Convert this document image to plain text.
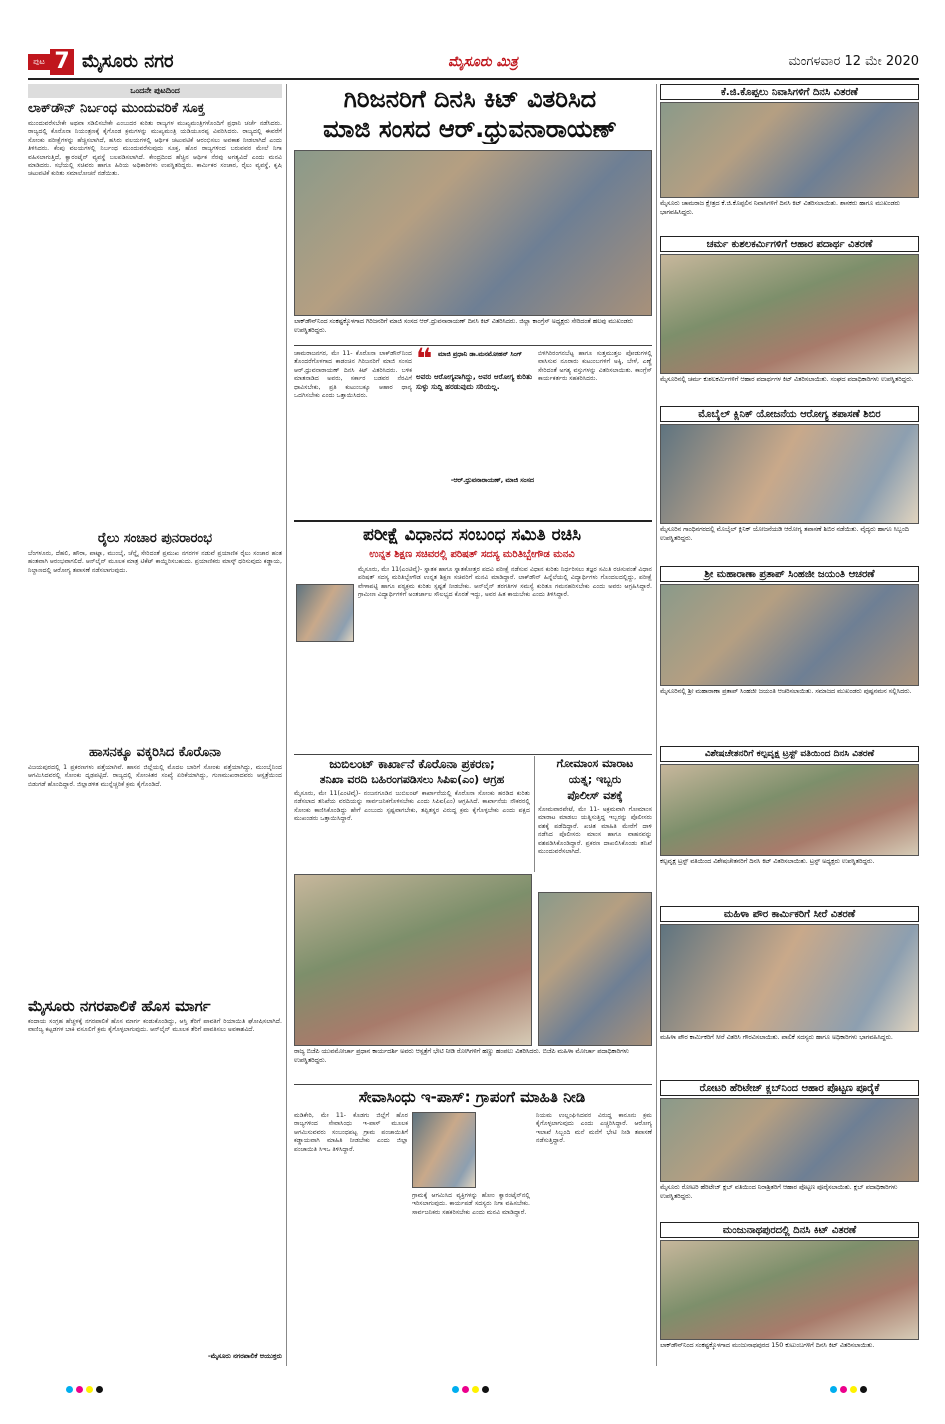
ಪುಟ 7 ಮೈಸೂರು ನಗರ	ಮೈಸೂರು ಮಿತ್ರ	ಮಂಗಳವಾರ 12 ಮೇ 2020
ಒಂದನೇ ಪುಟದಿಂದ
ಲಾಕ್‌ಡೌನ್ ನಿರ್ಬಂಧ ಮುಂದುವರಿಕೆ ಸೂಕ್ತ
ಮುಂದುವರೆಸಬೇಕೇ ಅಥವಾ ಸಡಿಲಿಸಬೇಕೇ ಎಂಬುದರ ಕುರಿತು ರಾಜ್ಯಗಳ ಮುಖ್ಯಮಂತ್ರಿಗಳೊಂದಿಗೆ ಪ್ರಧಾನಿ ಚರ್ಚೆ ನಡೆಸಿದರು. ರಾಜ್ಯದಲ್ಲಿ ಕೊರೊನಾ ನಿಯಂತ್ರಣಕ್ಕೆ ಕೈಗೊಂಡ ಕ್ರಮಗಳನ್ನು ಮುಖ್ಯಮಂತ್ರಿ ಯಡಿಯೂರಪ್ಪ ವಿವರಿಸಿದರು. ರಾಜ್ಯದಲ್ಲಿ ಈವರೆಗೆ ಸೋಂಕು ಪರೀಕ್ಷೆಗಳನ್ನು ಹೆಚ್ಚಿಸಲಾಗಿದೆ, ಹಸಿರು ವಲಯಗಳಲ್ಲಿ ಆರ್ಥಿಕ ಚಟುವಟಿಕೆ ಆರಂಭಿಸಲು ಅವಕಾಶ ನೀಡಲಾಗಿದೆ ಎಂದು ತಿಳಿಸಿದರು. ಕೆಂಪು ವಲಯಗಳಲ್ಲಿ ನಿರ್ಬಂಧ ಮುಂದುವರೆಸುವುದು ಸೂಕ್ತ, ಹೊರ ರಾಜ್ಯಗಳಿಂದ ಬರುವವರ ಮೇಲೆ ನಿಗಾ ವಹಿಸಲಾಗುತ್ತಿದೆ, ಕ್ವಾರಂಟೈನ್ ವ್ಯವಸ್ಥೆ ಬಲಪಡಿಸಲಾಗಿದೆ. ಕೇಂದ್ರದಿಂದ ಹೆಚ್ಚಿನ ಆರ್ಥಿಕ ನೆರವು ಅಗತ್ಯವಿದೆ ಎಂದು ಮನವಿ ಮಾಡಿದರು. ಸಭೆಯಲ್ಲಿ ಸಚಿವರು ಹಾಗೂ ಹಿರಿಯ ಅಧಿಕಾರಿಗಳು ಉಪಸ್ಥಿತರಿದ್ದರು. ಕಾರ್ಮಿಕರ ಸಂಚಾರ, ರೈಲು ವ್ಯವಸ್ಥೆ, ಕೃಷಿ ಚಟುವಟಿಕೆ ಕುರಿತು ಸಮಾಲೋಚನೆ ನಡೆಯಿತು.
ರೈಲು ಸಂಚಾರ ಪುನರಾರಂಭ
ಬೆಂಗಳೂರು, ದೆಹಲಿ, ಹೌರಾ, ಪಾಟ್ನಾ, ಮುಂಬೈ, ಚೆನ್ನೈ ಸೇರಿದಂತೆ ಪ್ರಮುಖ ನಗರಗಳ ನಡುವೆ ಪ್ರಯಾಣಿಕ ರೈಲು ಸಂಚಾರ ಹಂತ ಹಂತವಾಗಿ ಆರಂಭವಾಗಲಿದೆ. ಆನ್‌ಲೈನ್ ಮೂಲಕ ಮಾತ್ರ ಟಿಕೆಟ್ ಕಾಯ್ದಿರಿಸಬಹುದು. ಪ್ರಯಾಣಿಕರು ಮಾಸ್ಕ್ ಧರಿಸುವುದು ಕಡ್ಡಾಯ, ನಿಲ್ದಾಣದಲ್ಲಿ ಆರೋಗ್ಯ ತಪಾಸಣೆ ನಡೆಸಲಾಗುವುದು.
ಹಾಸನಕ್ಕೂ ವಕ್ಕರಿಸಿದ ಕೊರೊನಾ
ವಿಜಯಪುರದಲ್ಲಿ 1 ಪ್ರಕರಣಗಳು ಪತ್ತೆಯಾಗಿವೆ. ಹಾಸನ ಜಿಲ್ಲೆಯಲ್ಲಿ ಮೊದಲ ಬಾರಿಗೆ ಸೋಂಕು ಪತ್ತೆಯಾಗಿದ್ದು, ಮುಂಬೈನಿಂದ ಆಗಮಿಸಿದವರಲ್ಲಿ ಸೋಂಕು ದೃಢಪಟ್ಟಿದೆ. ರಾಜ್ಯದಲ್ಲಿ ಸೋಂಕಿತರ ಸಂಖ್ಯೆ ಏರಿಕೆಯಾಗಿದ್ದು, ಗುಣಮುಖರಾದವರು ಆಸ್ಪತ್ರೆಯಿಂದ ಬಿಡುಗಡೆ ಹೊಂದಿದ್ದಾರೆ. ಜಿಲ್ಲಾಡಳಿತ ಮುನ್ನೆಚ್ಚರಿಕೆ ಕ್ರಮ ಕೈಗೊಂಡಿದೆ.
ಮೈಸೂರು ನಗರಪಾಲಿಕೆ ಹೊಸ ಮಾರ್ಗ
ಕಂದಾಯ ಸಂಗ್ರಹ ಹೆಚ್ಚಳಕ್ಕೆ ನಗರಪಾಲಿಕೆ ಹೊಸ ಮಾರ್ಗ ಕಂಡುಕೊಂಡಿದ್ದು, ಆಸ್ತಿ ತೆರಿಗೆ ಪಾವತಿಗೆ ರಿಯಾಯಿತಿ ಘೋಷಿಸಲಾಗಿದೆ. ವಾಣಿಜ್ಯ ಕಟ್ಟಡಗಳ ಬಾಕಿ ವಸೂಲಿಗೆ ಕ್ರಮ ಕೈಗೊಳ್ಳಲಾಗುವುದು. ಆನ್‌ಲೈನ್ ಮೂಲಕ ತೆರಿಗೆ ಪಾವತಿಸಲು ಅವಕಾಶವಿದೆ.
-ಮೈಸೂರು ನಗರಪಾಲಿಕೆ ಆಯುಕ್ತರು
ಗಿರಿಜನರಿಗೆ ದಿನಸಿ ಕಿಟ್ ವಿತರಿಸಿದ
ಮಾಜಿ ಸಂಸದ ಆರ್.ಧ್ರುವನಾರಾಯಣ್
ಲಾಕ್‌ಡೌನ್‌ನಿಂದ ಸಂಕಷ್ಟಕ್ಕೊಳಗಾದ ಗಿರಿಜನರಿಗೆ ಮಾಜಿ ಸಂಸದ ಆರ್.ಧ್ರುವನಾರಾಯಣ್ ದಿನಸಿ ಕಿಟ್ ವಿತರಿಸಿದರು. ಜಿಲ್ಲಾ ಕಾಂಗ್ರೆಸ್ ಅಧ್ಯಕ್ಷರು ಸೇರಿದಂತೆ ಹಲವು ಮುಖಂಡರು ಉಪಸ್ಥಿತರಿದ್ದರು.
ಚಾಮರಾಜನಗರ, ಮೇ 11- ಕೊರೊನಾ ಲಾಕ್‌ಡೌನ್‌ನಿಂದ ತೊಂದರೆಗೊಳಗಾದ ಕಾಡಂಚಿನ ಗಿರಿಜನರಿಗೆ ಮಾಜಿ ಸಂಸದ ಆರ್.ಧ್ರುವನಾರಾಯಣ್ ದಿನಸಿ ಕಿಟ್ ವಿತರಿಸಿದರು. ಬಳಿಕ ಮಾತನಾಡಿದ ಅವರು, ಸರ್ಕಾರ ಬಡವರ ನೆರವಿಗೆ ಧಾವಿಸಬೇಕು, ಪ್ರತಿ ಕುಟುಂಬಕ್ಕೂ ಆಹಾರ ಧಾನ್ಯ ಒದಗಿಸಬೇಕು ಎಂದು ಒತ್ತಾಯಿಸಿದರು.
❝ ಮಾಜಿ ಪ್ರಧಾನಿ ಡಾ.ಮನಮೋಹನ್ ಸಿಂಗ್
ಅವರು ಆರೋಗ್ಯವಾಗಿದ್ದು, ಅವರ ಆರೋಗ್ಯ ಕುರಿತು ಸುಳ್ಳು ಸುದ್ದಿ ಹರಡುವುದು ಸರಿಯಲ್ಲ.
-ಆರ್.ಧ್ರುವನಾರಾಯಣ್, ಮಾಜಿ ಸಂಸದ
ಬಿಳಿಗಿರಿರಂಗನಬೆಟ್ಟ ಹಾಗೂ ಸುತ್ತಮುತ್ತಲ ಪೋಡುಗಳಲ್ಲಿ ವಾಸಿಸುವ ನೂರಾರು ಕುಟುಂಬಗಳಿಗೆ ಅಕ್ಕಿ, ಬೇಳೆ, ಎಣ್ಣೆ ಸೇರಿದಂತೆ ಅಗತ್ಯ ವಸ್ತುಗಳನ್ನು ವಿತರಿಸಲಾಯಿತು. ಕಾಂಗ್ರೆಸ್ ಕಾರ್ಯಕರ್ತರು ಸಹಕರಿಸಿದರು.
ಪರೀಕ್ಷೆ ವಿಧಾನದ ಸಂಬಂಧ ಸಮಿತಿ ರಚಿಸಿ
ಉನ್ನತ ಶಿಕ್ಷಣ ಸಚಿವರಲ್ಲಿ ಪರಿಷತ್ ಸದಸ್ಯ ಮರಿತಿಬ್ಬೇಗೌಡ ಮನವಿ
ಮೈಸೂರು, ಮೇ 11(ಎಂಟಿವೈ)- ಸ್ನಾತಕ ಹಾಗೂ ಸ್ನಾತಕೋತ್ತರ ಪದವಿ ಪರೀಕ್ಷೆ ನಡೆಸುವ ವಿಧಾನ ಕುರಿತು ನಿರ್ಧರಿಸಲು ತಜ್ಞರ ಸಮಿತಿ ರಚಿಸುವಂತೆ ವಿಧಾನ ಪರಿಷತ್ ಸದಸ್ಯ ಮರಿತಿಬ್ಬೇಗೌಡ ಉನ್ನತ ಶಿಕ್ಷಣ ಸಚಿವರಿಗೆ ಮನವಿ ಮಾಡಿದ್ದಾರೆ. ಲಾಕ್‌ಡೌನ್ ಹಿನ್ನೆಲೆಯಲ್ಲಿ ವಿದ್ಯಾರ್ಥಿಗಳು ಗೊಂದಲದಲ್ಲಿದ್ದು, ಪರೀಕ್ಷೆ ವೇಳಾಪಟ್ಟಿ ಹಾಗೂ ಪಠ್ಯಕ್ರಮ ಕುರಿತು ಸ್ಪಷ್ಟತೆ ನೀಡಬೇಕು. ಆನ್‌ಲೈನ್ ತರಗತಿಗಳ ಸಮಸ್ಯೆ ಕುರಿತೂ ಗಮನಹರಿಸಬೇಕು ಎಂದು ಅವರು ಆಗ್ರಹಿಸಿದ್ದಾರೆ. ಗ್ರಾಮೀಣ ವಿದ್ಯಾರ್ಥಿಗಳಿಗೆ ಅಂತರ್ಜಾಲ ಸೌಲಭ್ಯದ ಕೊರತೆ ಇದ್ದು, ಅವರ ಹಿತ ಕಾಯಬೇಕು ಎಂದು ತಿಳಿಸಿದ್ದಾರೆ.
ಜುಬಿಲಂಟ್ ಕಾರ್ಖಾನೆ ಕೊರೊನಾ ಪ್ರಕರಣ;
ತನಿಖಾ ವರದಿ ಬಹಿರಂಗಪಡಿಸಲು ಸಿಪಿಐ(ಎಂ) ಆಗ್ರಹ
ಮೈಸೂರು, ಮೇ 11(ಎಂಟಿವೈ)- ನಂಜನಗೂಡಿನ ಜುಬಿಲಂಟ್ ಕಾರ್ಖಾನೆಯಲ್ಲಿ ಕೊರೊನಾ ಸೋಂಕು ಹರಡಿದ ಕುರಿತು ನಡೆಸಲಾದ ತನಿಖೆಯ ವರದಿಯನ್ನು ಸಾರ್ವಜನಿಕಗೊಳಿಸಬೇಕು ಎಂದು ಸಿಪಿಐ(ಎಂ) ಆಗ್ರಹಿಸಿದೆ. ಕಾರ್ಖಾನೆಯ ನೌಕರರಲ್ಲಿ ಸೋಂಕು ಕಾಣಿಸಿಕೊಂಡಿದ್ದು ಹೇಗೆ ಎಂಬುದು ಸ್ಪಷ್ಟವಾಗಬೇಕು, ತಪ್ಪಿತಸ್ಥರ ವಿರುದ್ಧ ಕ್ರಮ ಕೈಗೊಳ್ಳಬೇಕು ಎಂದು ಪಕ್ಷದ ಮುಖಂಡರು ಒತ್ತಾಯಿಸಿದ್ದಾರೆ.
ಗೋಮಾಂಸ ಮಾರಾಟ
ಯತ್ನ; ಇಬ್ಬರು
ಪೊಲೀಸ್ ವಶಕ್ಕೆ
ಸೋಮವಾರಪೇಟೆ, ಮೇ 11- ಅಕ್ರಮವಾಗಿ ಗೋಮಾಂಸ ಮಾರಾಟ ಮಾಡಲು ಯತ್ನಿಸುತ್ತಿದ್ದ ಇಬ್ಬರನ್ನು ಪೊಲೀಸರು ವಶಕ್ಕೆ ಪಡೆದಿದ್ದಾರೆ. ಖಚಿತ ಮಾಹಿತಿ ಮೇರೆಗೆ ದಾಳಿ ನಡೆಸಿದ ಪೊಲೀಸರು ಮಾಂಸ ಹಾಗೂ ವಾಹನವನ್ನು ವಶಪಡಿಸಿಕೊಂಡಿದ್ದಾರೆ. ಪ್ರಕರಣ ದಾಖಲಿಸಿಕೊಂಡು ತನಿಖೆ ಮುಂದುವರೆಸಲಾಗಿದೆ.
ರಾಜ್ಯ ಬಿಜೆಪಿ ಯುವಮೋರ್ಚಾ ಪ್ರಧಾನ ಕಾರ್ಯದರ್ಶಿ ಅವರು ಆಸ್ಪತ್ರೆಗೆ ಭೇಟಿ ನೀಡಿ ರೋಗಿಗಳಿಗೆ ಹಣ್ಣು ಹಂಪಲು ವಿತರಿಸಿದರು. ಬಿಜೆಪಿ ಮಹಿಳಾ ಮೋರ್ಚಾ ಪದಾಧಿಕಾರಿಗಳು ಉಪಸ್ಥಿತರಿದ್ದರು.
ಸೇವಾಸಿಂಧು ಇ-ಪಾಸ್: ಗ್ರಾಪಂಗೆ ಮಾಹಿತಿ ನೀಡಿ
ಮಡಿಕೇರಿ, ಮೇ 11- ಕೊಡಗು ಜಿಲ್ಲೆಗೆ ಹೊರ ರಾಜ್ಯಗಳಿಂದ ಸೇವಾಸಿಂಧು ಇ-ಪಾಸ್ ಮೂಲಕ ಆಗಮಿಸುವವರು ಸಂಬಂಧಪಟ್ಟ ಗ್ರಾಮ ಪಂಚಾಯಿತಿಗೆ ಕಡ್ಡಾಯವಾಗಿ ಮಾಹಿತಿ ನೀಡಬೇಕು ಎಂದು ಜಿಲ್ಲಾ ಪಂಚಾಯಿತಿ ಸಿಇಒ ತಿಳಿಸಿದ್ದಾರೆ.
ಗ್ರಾಮಕ್ಕೆ ಆಗಮಿಸಿದ ವ್ಯಕ್ತಿಗಳನ್ನು ಹೋಂ ಕ್ವಾರಂಟೈನ್‌ನಲ್ಲಿ ಇರಿಸಲಾಗುವುದು. ಕಾರ್ಯಪಡೆ ಸದಸ್ಯರು ನಿಗಾ ವಹಿಸಬೇಕು. ಸಾರ್ವಜನಿಕರು ಸಹಕರಿಸಬೇಕು ಎಂದು ಮನವಿ ಮಾಡಿದ್ದಾರೆ.
ನಿಯಮ ಉಲ್ಲಂಘಿಸಿದವರ ವಿರುದ್ಧ ಕಾನೂನು ಕ್ರಮ ಕೈಗೊಳ್ಳಲಾಗುವುದು ಎಂದು ಎಚ್ಚರಿಸಿದ್ದಾರೆ. ಆರೋಗ್ಯ ಇಲಾಖೆ ಸಿಬ್ಬಂದಿ ಮನೆ ಮನೆಗೆ ಭೇಟಿ ನೀಡಿ ತಪಾಸಣೆ ನಡೆಸುತ್ತಿದ್ದಾರೆ.
ಕೆ.ಜಿ.ಕೊಪ್ಪಲು ನಿವಾಸಿಗಳಿಗೆ ದಿನಸಿ ವಿತರಣೆ
ಮೈಸೂರು ಚಾಮರಾಜ ಕ್ಷೇತ್ರದ ಕೆ.ಜಿ.ಕೊಪ್ಪಲಿನ ನಿವಾಸಿಗಳಿಗೆ ದಿನಸಿ ಕಿಟ್ ವಿತರಿಸಲಾಯಿತು. ಶಾಸಕರು ಹಾಗೂ ಮುಖಂಡರು ಭಾಗವಹಿಸಿದ್ದರು.
ಚರ್ಮ ಕುಶಲಕರ್ಮಿಗಳಿಗೆ ಆಹಾರ ಪದಾರ್ಥ ವಿತರಣೆ
ಮೈಸೂರಿನಲ್ಲಿ ಚರ್ಮ ಕುಶಲಕರ್ಮಿಗಳಿಗೆ ಆಹಾರ ಪದಾರ್ಥಗಳ ಕಿಟ್ ವಿತರಿಸಲಾಯಿತು. ಸಂಘದ ಪದಾಧಿಕಾರಿಗಳು ಉಪಸ್ಥಿತರಿದ್ದರು.
ಮೊಬೈಲ್ ಕ್ಲಿನಿಕ್ ಯೋಜನೆಯ ಆರೋಗ್ಯ ತಪಾಸಣೆ ಶಿಬಿರ
ಮೈಸೂರಿನ ಗಾಂಧಿನಗರದಲ್ಲಿ ಮೊಬೈಲ್ ಕ್ಲಿನಿಕ್ ಯೋಜನೆಯಡಿ ಆರೋಗ್ಯ ತಪಾಸಣೆ ಶಿಬಿರ ನಡೆಯಿತು. ವೈದ್ಯರು ಹಾಗೂ ಸಿಬ್ಬಂದಿ ಉಪಸ್ಥಿತರಿದ್ದರು.
ಶ್ರೀ ಮಹಾರಾಣಾ ಪ್ರತಾಪ್ ಸಿಂಹಜೀ ಜಯಂತಿ ಆಚರಣೆ
ಮೈಸೂರಿನಲ್ಲಿ ಶ್ರೀ ಮಹಾರಾಣಾ ಪ್ರತಾಪ್ ಸಿಂಹಜೀ ಜಯಂತಿ ಆಚರಿಸಲಾಯಿತು. ಸಮಾಜದ ಮುಖಂಡರು ಪುಷ್ಪನಮನ ಸಲ್ಲಿಸಿದರು.
ವಿಶೇಷಚೇತನರಿಗೆ ಕಲ್ಪವೃಕ್ಷ ಟ್ರಸ್ಟ್ ವತಿಯಿಂದ ದಿನಸಿ ವಿತರಣೆ
ಕಲ್ಪವೃಕ್ಷ ಟ್ರಸ್ಟ್ ವತಿಯಿಂದ ವಿಶೇಷಚೇತನರಿಗೆ ದಿನಸಿ ಕಿಟ್ ವಿತರಿಸಲಾಯಿತು. ಟ್ರಸ್ಟ್ ಅಧ್ಯಕ್ಷರು ಉಪಸ್ಥಿತರಿದ್ದರು.
ಮಹಿಳಾ ಪೌರ ಕಾರ್ಮಿಕರಿಗೆ ಸೀರೆ ವಿತರಣೆ
ಮಹಿಳಾ ಪೌರ ಕಾರ್ಮಿಕರಿಗೆ ಸೀರೆ ವಿತರಿಸಿ ಗೌರವಿಸಲಾಯಿತು. ಪಾಲಿಕೆ ಸದಸ್ಯರು ಹಾಗೂ ಅಧಿಕಾರಿಗಳು ಭಾಗವಹಿಸಿದ್ದರು.
ರೋಟರಿ ಹೆರಿಟೇಜ್ ಕ್ಲಬ್‌ನಿಂದ ಆಹಾರ ಪೊಟ್ಟಣ ಪೂರೈಕೆ
ಮೈಸೂರು ರೋಟರಿ ಹೆರಿಟೇಜ್ ಕ್ಲಬ್ ವತಿಯಿಂದ ನಿರಾಶ್ರಿತರಿಗೆ ಆಹಾರ ಪೊಟ್ಟಣ ಪೂರೈಸಲಾಯಿತು. ಕ್ಲಬ್ ಪದಾಧಿಕಾರಿಗಳು ಉಪಸ್ಥಿತರಿದ್ದರು.
ಮಂಜುನಾಥಪುರದಲ್ಲಿ ದಿನಸಿ ಕಿಟ್ ವಿತರಣೆ
ಲಾಕ್‌ಡೌನ್‌ನಿಂದ ಸಂಕಷ್ಟಕ್ಕೊಳಗಾದ ಮಂಜುನಾಥಪುರದ 150 ಕುಟುಂಬಗಳಿಗೆ ದಿನಸಿ ಕಿಟ್ ವಿತರಿಸಲಾಯಿತು.
